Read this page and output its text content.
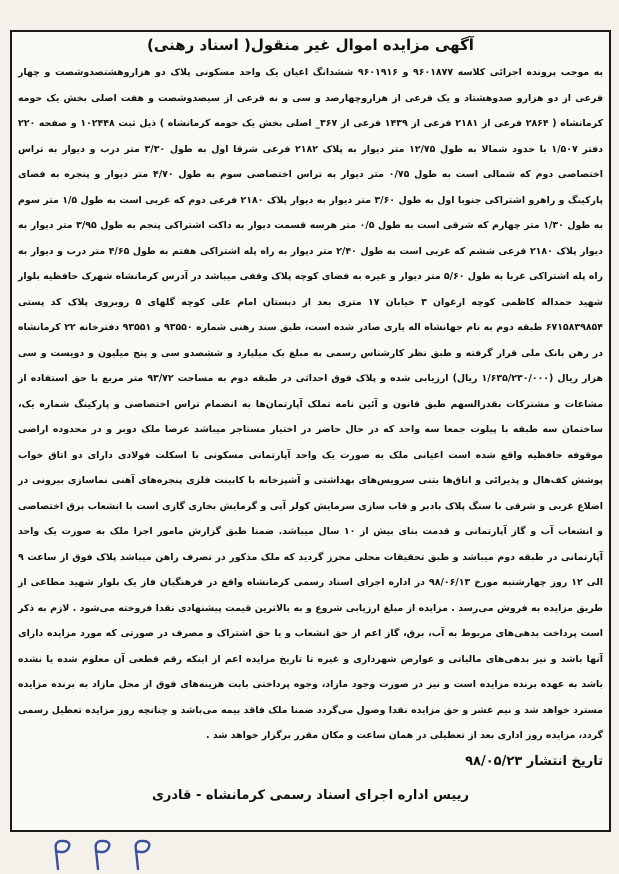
آگهی مزایده اموال غیر منقول( اسناد رهنی)

به موجب پرونده اجرائی کلاسه ۹۶۰۱۸۷۷ و ۹۶۰۱۹۱۶ ششدانگ اعیان یک واحد مسکونی پلاک دو هزاروهشتصدوشصت و چهار فرعی از دو هزارو صدوهشتاد و یک فرعی از هزاروچهارصد و سی و نه فرعی از سیصدوشصت و هفت اصلی بخش یک حومه کرمانشاه ( ۲۸۶۴ فرعی از ۲۱۸۱ فرعی از ۱۴۳۹ فرعی از ۳۶۷_ اصلی بخش یک حومه کرمانشاه ) ذیل ثبت ۱۰۲۴۴۸ و صفحه ۲۲۰ دفتر ۱/۵۰۷ با حدود شمالا به طول ۱۲/۷۵ متر دیوار به پلاک ۲۱۸۲ فرعی شرقا اول به طول ۳/۳۰ متر درب و دیوار به تراس اختصاصی دوم که شمالی است به طول ۰/۷۵ متر دیوار به تراس اختصاصی سوم به طول ۴/۷۰ متر دیوار و پنجره به فضای پارکینگ و راهرو اشتراکی جنوبا اول به طول ۳/۶۰ متر دیوار به دیوار پلاک ۲۱۸۰ فرعی دوم که غربی است به طول ۱/۵ متر سوم به طول ۱/۳۰ متر چهارم که شرقی است به طول ۰/۵ متر هرسه قسمت دیوار به داکت اشتراکی پنجم به طول ۳/۹۵ متر دیوار به دیوار پلاک ۲۱۸۰ فرعی ششم که غربی است به طول ۲/۴۰ متر دیوار به راه پله اشتراکی هفتم به طول ۴/۶۵ متر درب و دیوار به راه پله اشتراکی غربا به طول ۵/۶۰ متر دیوار و غیره به فضای کوچه پلاک وقفی میباشد در آدرس کرمانشاه شهرک حافظیه بلوار شهید حمداله کاظمی کوچه ارغوان ۳ خیابان ۱۷ متری بعد از دبستان امام علی کوچه گلهای ۵ روبروی پلاک کد پستی ۶۷۱۵۸۳۹۸۵۴ طبقه دوم به نام جهانشاه اله یاری صادر شده است، طبق سند رهنی شماره ۹۳۵۵۰ و ۹۳۵۵۱ دفترخانه ۲۲ کرمانشاه در رهن بانک ملی قرار گرفته و طبق نظر کارشناس رسمی به مبلغ یک میلیارد و ششصدو سی و پنج میلیون و دویست و سی هزار ریال (۱/۶۳۵/۲۳۰/۰۰۰ ریال) ارزیابی شده و پلاک فوق احداثی در طبقه دوم به مساحت ۹۳/۷۲ متر مربع با حق استفاده از مشاعات و مشترکات بقدرالسهم طبق قانون و آئین نامه تملک آپارتمان‌ها به انضمام تراس اختصاصی و پارکینگ شماره یک، ساختمان سه طبقه با پیلوت جمعا سه واحد که در حال حاضر در اختیار مستاجر میباشد عرصا ملک دوبر و در محدوده اراضی موقوفه حافظیه واقع شده است اعیانی ملک به صورت یک واحد آپارتمانی مسکونی با اسکلت فولادی دارای دو اتاق خواب پوشش کف‌هال و پذیرائی و اتاق‌ها بتنی سرویس‌های بهداشتی و آشپزخانه با کابینت فلزی پنجره‌های آهنی نماسازی بیرونی در اضلاع غربی و شرقی با سنگ پلاک بادبر و قاب سازی سرمایش کولر آبی و گرمایش بخاری گازی است با انشعاب برق اختصاصی و انشعاب آب و گاز آپارتمانی و قدمت بنای بیش از ۱۰ سال میباشد. ضمنا طبق گزارش مامور اجرا ملک به صورت یک واحد آپارتمانی در طبقه دوم میباشد و طبق تحقیقات محلی محرز گردید که ملک مذکور در تصرف راهن میباشد پلاک فوق از ساعت ۹ الی ۱۲ روز چهارشنبه مورخ ۹۸/۰۶/۱۳ در اداره اجرای اسناد رسمی کرمانشاه واقع در فرهنگیان فاز یک بلوار شهید مطاعی از طریق مزایده به فروش می‌رسد . مزایده از مبلغ ارزیابی شروع و به بالاترین قیمت پیشنهادی نقدا فروخته می‌شود . لازم به ذکر است پرداخت بدهی‌های مربوط به آب، برق، گاز اعم از حق انشعاب و یا حق اشتراک و مصرف در صورتی که مورد مزایده دارای آنها باشد و نیز بدهی‌های مالیاتی و عوارض شهرداری و غیره تا تاریخ مزایده اعم از اینکه رقم قطعی آن معلوم شده یا نشده باشد به عهده برنده مزایده است و نیز در صورت وجود مازاد، وجوه پرداختی بابت هزینه‌های فوق از محل مازاد به برنده مزایده مسترد خواهد شد و نیم عشر و حق مزایده نقدا وصول می‌گردد ضمنا ملک فاقد بیمه می‌باشد و چنانچه روز مزایده تعطیل رسمی گردد، مزایده روز اداری بعد از تعطیلی در همان ساعت و مکان مقرر برگزار خواهد شد .

تاریخ انتشار ۹۸/۰۵/۲۳

رییس اداره اجرای اسناد رسمی کرمانشاه - قادری
